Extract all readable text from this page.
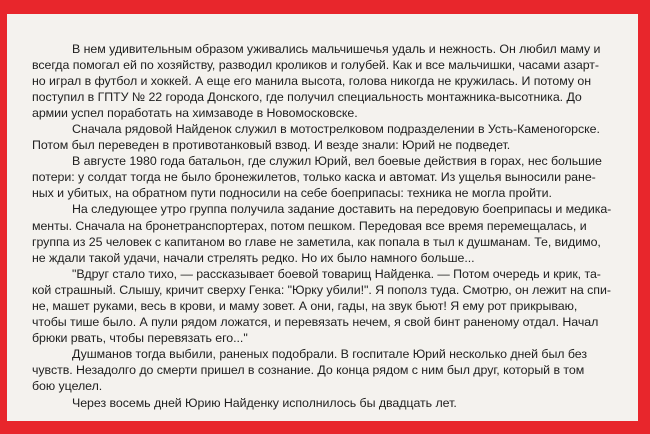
В нем удивительным образом уживались мальчишечья удаль и нежность. Он любил маму и
всегда помогал ей по хозяйству, разводил кроликов и голубей. Как и все мальчишки, часами азарт-
но играл в футбол и хоккей. А еще его манила высота, голова никогда не кружилась. И потому он
поступил в ГПТУ № 22 города Донского, где получил специальность монтажника-высотника. До
армии успел поработать на химзаводе в Новомосковске.
Сначала рядовой Найденок служил в мотострелковом подразделении в Усть-Каменогорске.
Потом был переведен в противотанковый взвод. И везде знали: Юрий не подведет.
В августе 1980 года батальон, где служил Юрий, вел боевые действия в горах, нес большие
потери: у солдат тогда не было бронежилетов, только каска и автомат. Из ущелья выносили ране-
ных и убитых, на обратном пути подносили на себе боеприпасы: техника не могла пройти.
На следующее утро группа получила задание доставить на передовую боеприпасы и медика-
менты. Сначала на бронетранспортерах, потом пешком. Передовая все время перемещалась, и
группа из 25 человек с капитаном во главе не заметила, как попала в тыл к душманам. Те, видимо,
не ждали такой удачи, начали стрелять редко. Но их было намного больше...
"Вдруг стало тихо, — рассказывает боевой товарищ Найденка. — Потом очередь и крик, та-
кой страшный. Слышу, кричит сверху Генка: "Юрку убили!". Я пополз туда. Смотрю, он лежит на спи-
не, машет руками, весь в крови, и маму зовет. А они, гады, на звук бьют! Я ему рот прикрываю,
чтобы тише было. А пули рядом ложатся, и перевязать нечем, я свой бинт раненому отдал. Начал
брюки рвать, чтобы перевязать его..."
Душманов тогда выбили, раненых подобрали. В госпитале Юрий несколько дней был без
чувств. Незадолго до смерти пришел в сознание. До конца рядом с ним был друг, который в том
бою уцелел.
Через восемь дней Юрию Найденку исполнилось бы двадцать лет.
